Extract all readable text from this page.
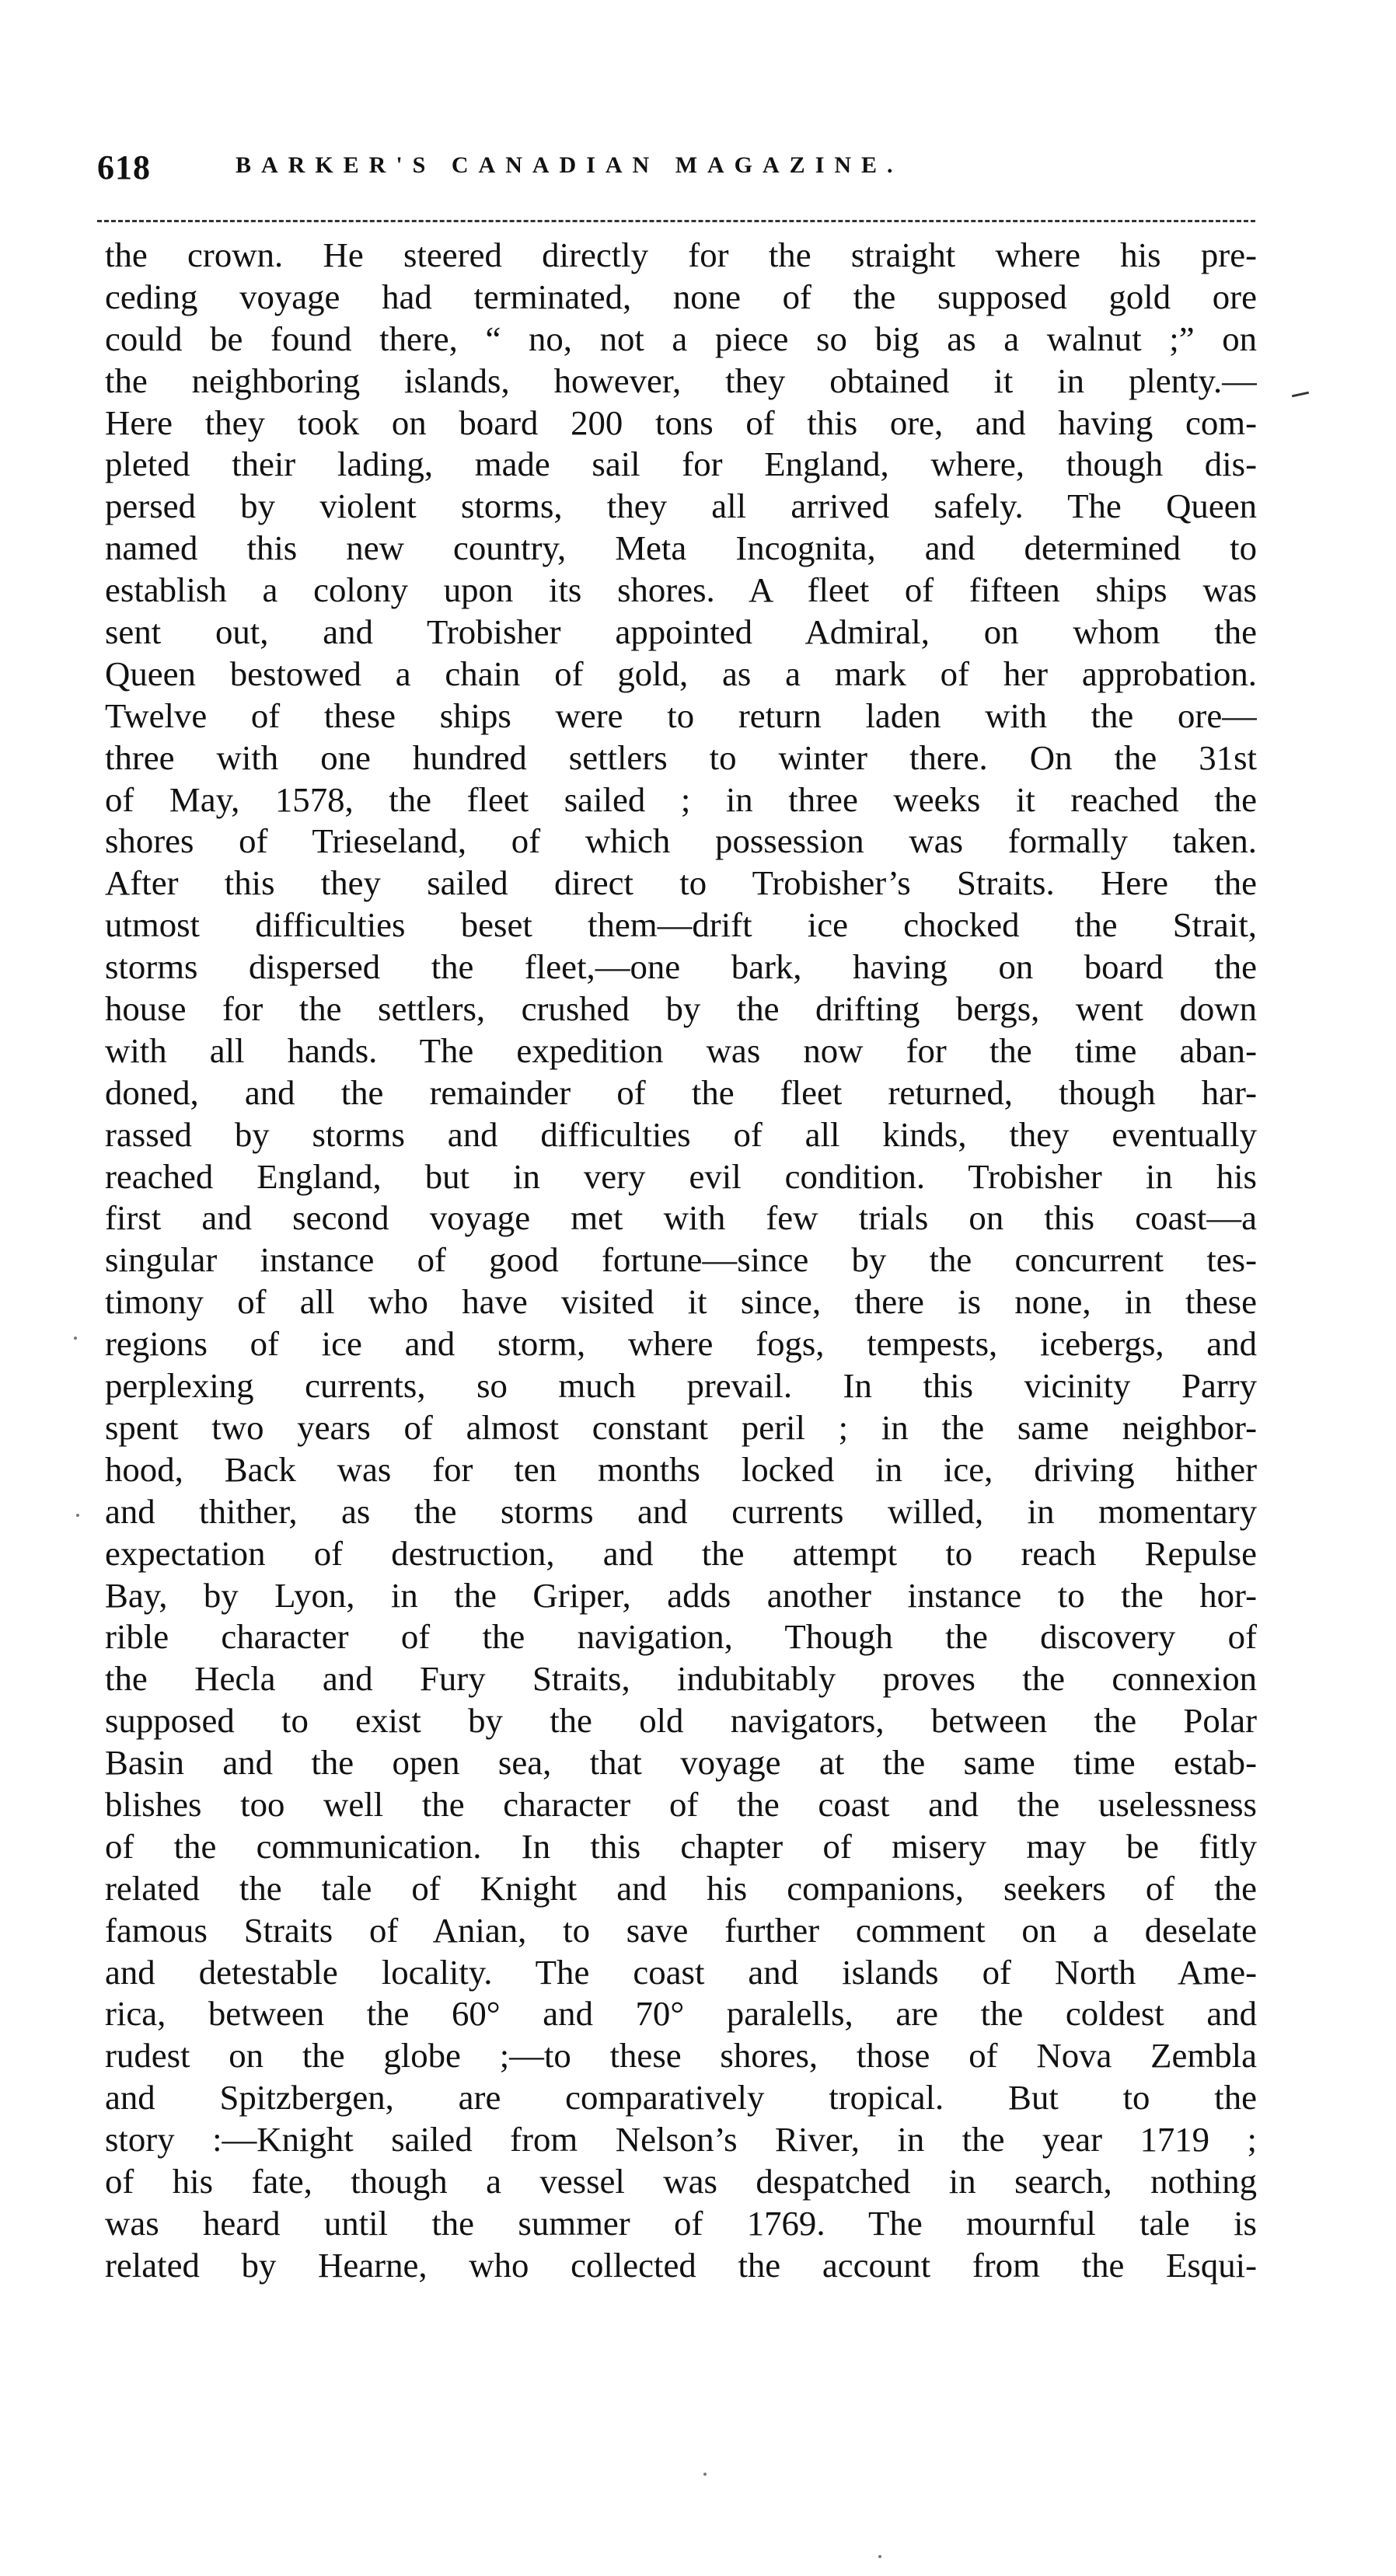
618	BARKER'S CANADIAN MAGAZINE.
the crown. He steered directly for the straight where his pre-
ceding voyage had terminated, none of the supposed gold ore
could be found there, “ no, not a piece so big as a walnut ;” on
the neighboring islands, however, they obtained it in plenty.—
Here they took on board 200 tons of this ore, and having com-
pleted their lading, made sail for England, where, though dis-
persed by violent storms, they all arrived safely. The Queen
named this new country, Meta Incognita, and determined to
establish a colony upon its shores. A fleet of fifteen ships was
sent out, and Trobisher appointed Admiral, on whom the
Queen bestowed a chain of gold, as a mark of her approbation.
Twelve of these ships were to return laden with the ore—
three with one hundred settlers to winter there. On the 31st
of May, 1578, the fleet sailed ; in three weeks it reached the
shores of Trieseland, of which possession was formally taken.
After this they sailed direct to Trobisher’s Straits. Here the
utmost difficulties beset them—drift ice chocked the Strait,
storms dispersed the fleet,—one bark, having on board the
house for the settlers, crushed by the drifting bergs, went down
with all hands. The expedition was now for the time aban-
doned, and the remainder of the fleet returned, though har-
rassed by storms and difficulties of all kinds, they eventually
reached England, but in very evil condition. Trobisher in his
first and second voyage met with few trials on this coast—a
singular instance of good fortune—since by the concurrent tes-
timony of all who have visited it since, there is none, in these
regions of ice and storm, where fogs, tempests, icebergs, and
perplexing currents, so much prevail. In this vicinity Parry
spent two years of almost constant peril ; in the same neighbor-
hood, Back was for ten months locked in ice, driving hither
and thither, as the storms and currents willed, in momentary
expectation of destruction, and the attempt to reach Repulse
Bay, by Lyon, in the Griper, adds another instance to the hor-
rible character of the navigation, Though the discovery of
the Hecla and Fury Straits, indubitably proves the connexion
supposed to exist by the old navigators, between the Polar
Basin and the open sea, that voyage at the same time estab-
blishes too well the character of the coast and the uselessness
of the communication. In this chapter of misery may be fitly
related the tale of Knight and his companions, seekers of the
famous Straits of Anian, to save further comment on a deselate
and detestable locality. The coast and islands of North Ame-
rica, between the 60° and 70° paralells, are the coldest and
rudest on the globe ;—to these shores, those of Nova Zembla
and Spitzbergen, are comparatively tropical. But to the
story :—Knight sailed from Nelson’s River, in the year 1719 ;
of his fate, though a vessel was despatched in search, nothing
was heard until the summer of 1769. The mournful tale is
related by Hearne, who collected the account from the Esqui-
